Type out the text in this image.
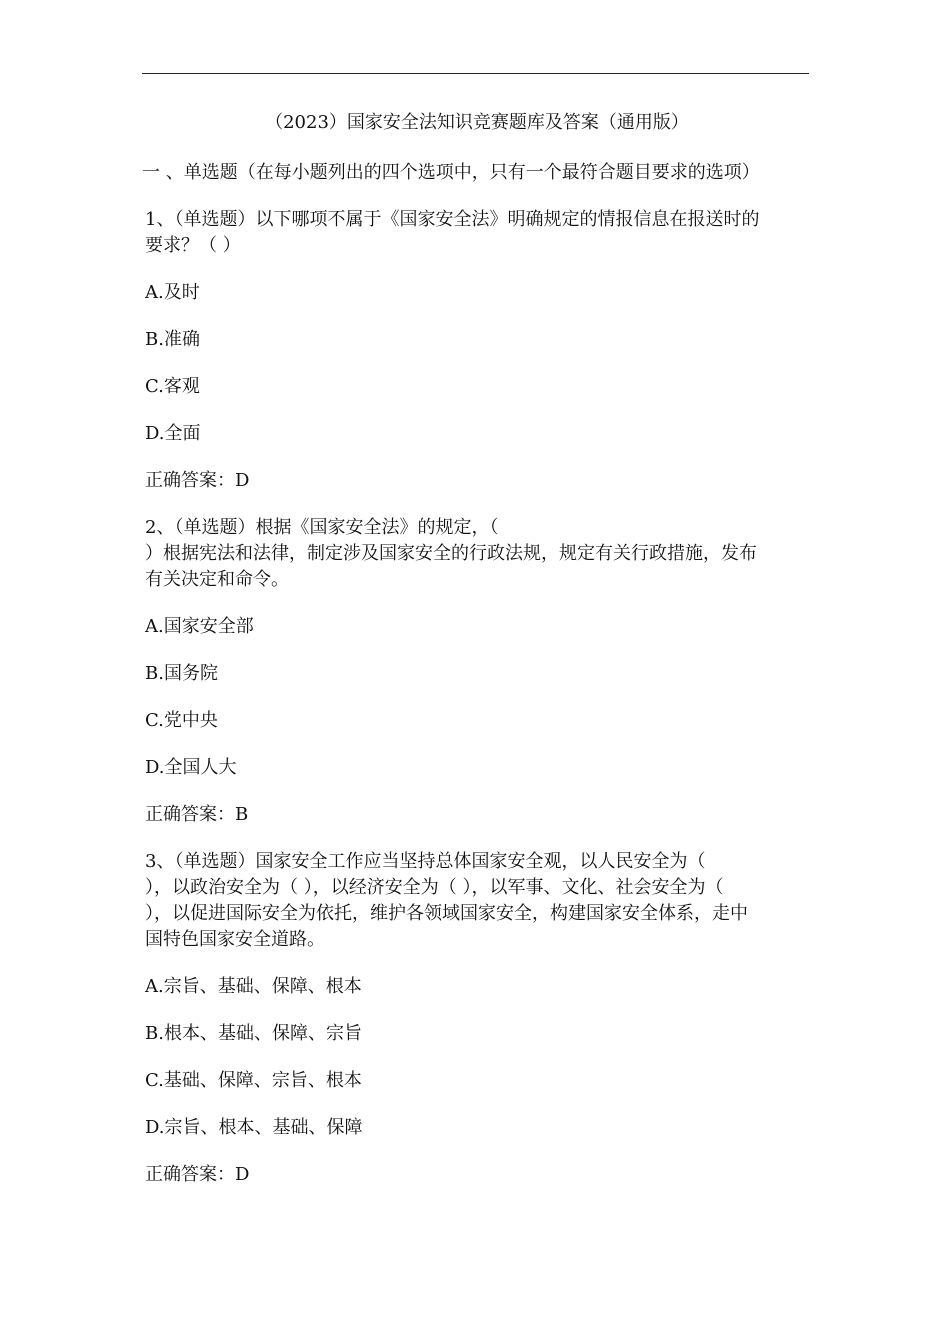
（2023）国家安全法知识竞赛题库及答案（通用版）
一 、单选题（在每小题列出的四个选项中，只有一个最符合题目要求的选项）
1、（单选题）以下哪项不属于《国家安全法》明确规定的情报信息在报送时的
要求？（ ）
A.及时
B.准确
C.客观
D.全面
正确答案：D
2、（单选题）根据《国家安全法》的规定，（
）根据宪法和法律，制定涉及国家安全的行政法规，规定有关行政措施，发布
有关决定和命令。
A.国家安全部
B.国务院
C.党中央
D.全国人大
正确答案：B
3、（单选题）国家安全工作应当坚持总体国家安全观，以人民安全为（
），以政治安全为（ ），以经济安全为（ ），以军事、文化、社会安全为（
），以促进国际安全为依托，维护各领域国家安全，构建国家安全体系，走中
国特色国家安全道路。
A.宗旨、基础、保障、根本
B.根本、基础、保障、宗旨
C.基础、保障、宗旨、根本
D.宗旨、根本、基础、保障
正确答案：D
